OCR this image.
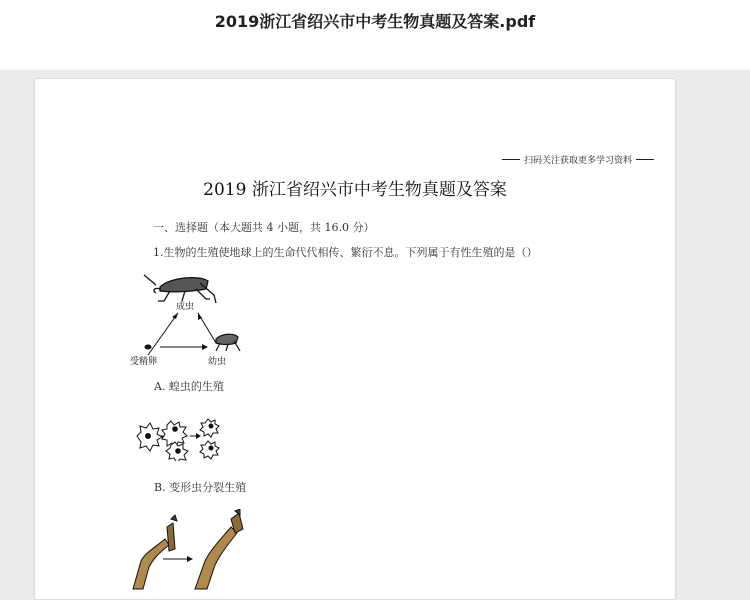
2019浙江省绍兴市中考生物真题及答案.pdf
扫码关注获取更多学习资料
2019 浙江省绍兴市中考生物真题及答案
一、选择题（本大题共 4 小题，共 16.0 分）
1.生物的生殖使地球上的生命代代相传、繁衍不息。下列属于有性生殖的是（）
成虫
受精卵	幼虫
A. 蝗虫的生殖
B. 变形虫分裂生殖
